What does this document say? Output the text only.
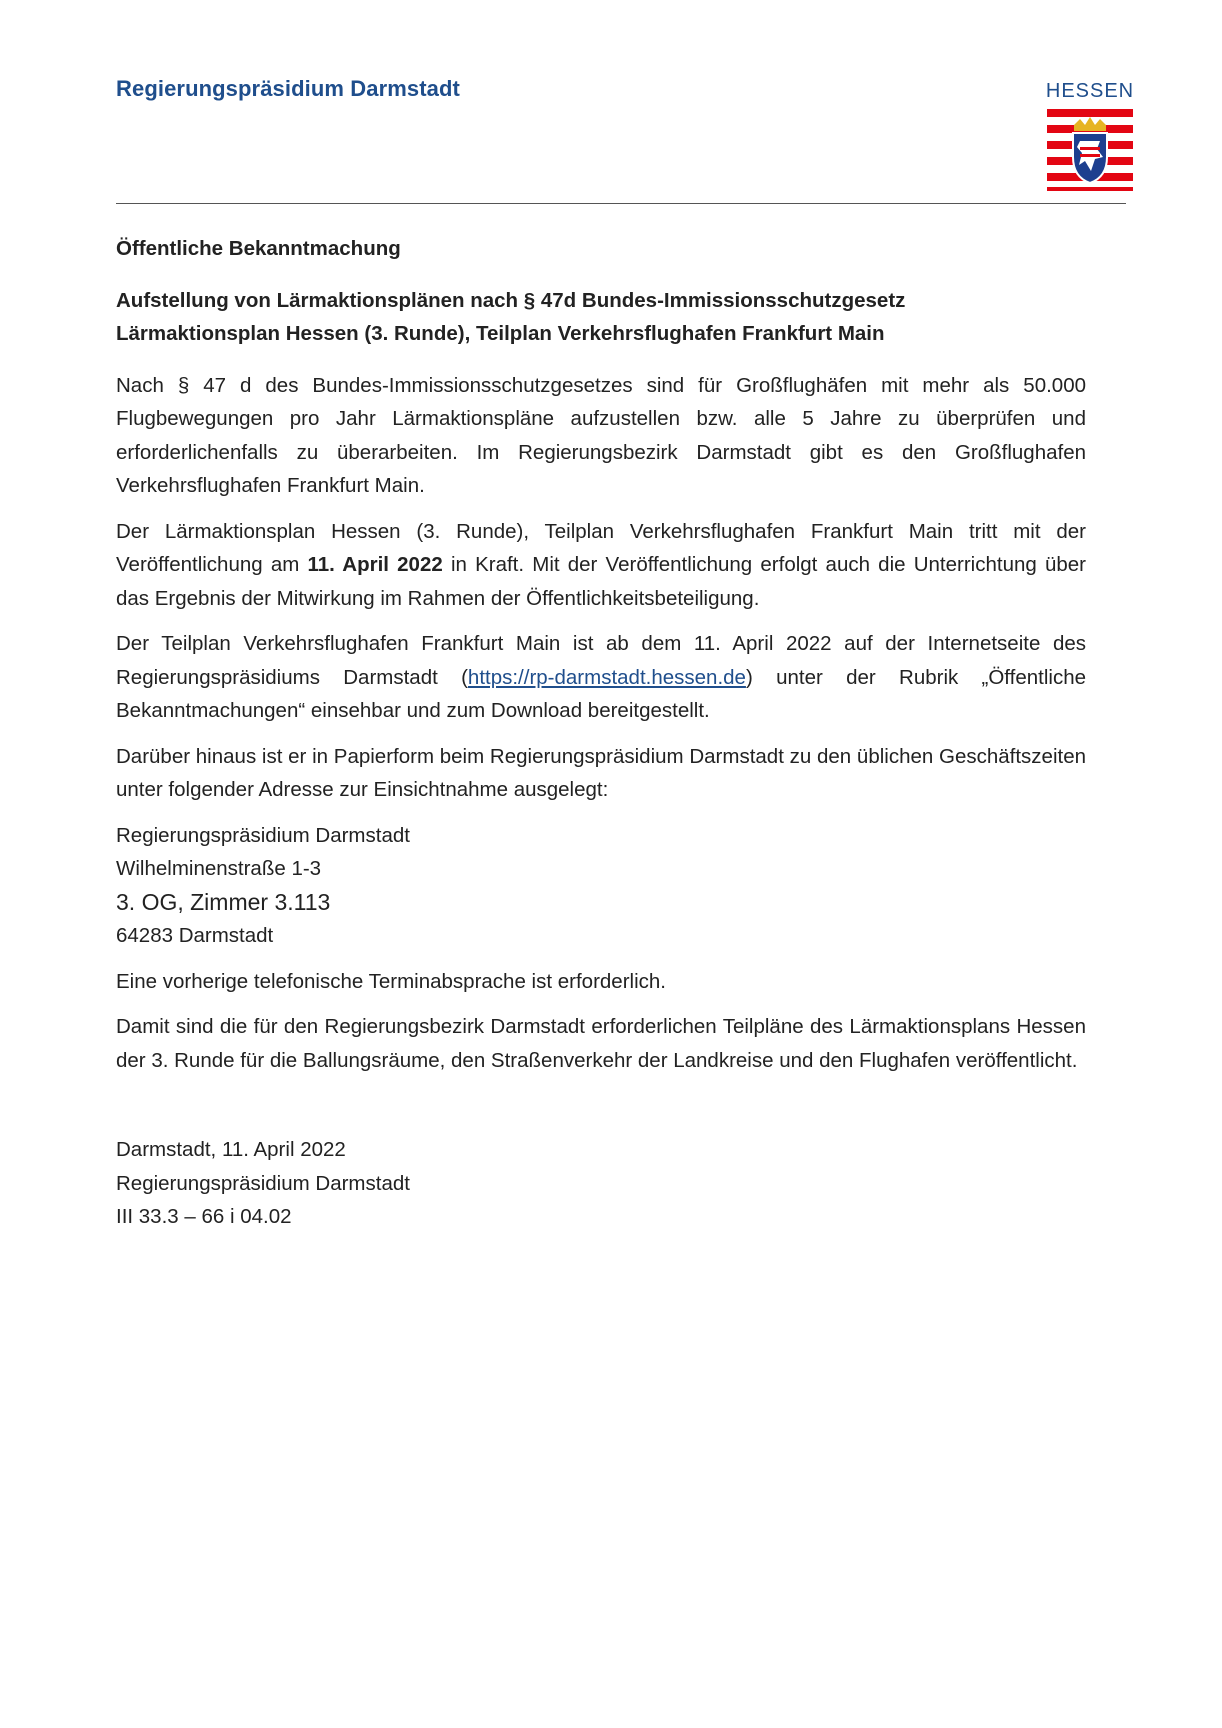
Regierungspräsidium Darmstadt	HESSEN
Öffentliche Bekanntmachung
Aufstellung von Lärmaktionsplänen nach § 47d Bundes-Immissionsschutzgesetz
Lärmaktionsplan Hessen (3. Runde), Teilplan Verkehrsflughafen Frankfurt Main

Nach § 47 d des Bundes-Immissionsschutzgesetzes sind für Großflughäfen mit mehr als 50.000 Flugbewegungen pro Jahr Lärmaktionspläne aufzustellen bzw. alle 5 Jahre zu überprüfen und erforderlichenfalls zu überarbeiten. Im Regierungsbezirk Darmstadt gibt es den Großflughafen Verkehrsflughafen Frankfurt Main.

Der Lärmaktionsplan Hessen (3. Runde), Teilplan Verkehrsflughafen Frankfurt Main tritt mit der Veröffentlichung am 11. April 2022 in Kraft. Mit der Veröffentlichung erfolgt auch die Unterrichtung über das Ergebnis der Mitwirkung im Rahmen der Öffentlichkeitsbeteiligung.

Der Teilplan Verkehrsflughafen Frankfurt Main ist ab dem 11. April 2022 auf der Internetseite des Regierungspräsidiums Darmstadt (https://rp-darmstadt.hessen.de) unter der Rubrik „Öffentliche Bekanntmachungen“ einsehbar und zum Download bereitgestellt.

Darüber hinaus ist er in Papierform beim Regierungspräsidium Darmstadt zu den üblichen Geschäftszeiten unter folgender Adresse zur Einsichtnahme ausgelegt:

Regierungspräsidium Darmstadt
Wilhelminenstraße 1-3
3. OG, Zimmer 3.113
64283 Darmstadt

Eine vorherige telefonische Terminabsprache ist erforderlich.

Damit sind die für den Regierungsbezirk Darmstadt erforderlichen Teilpläne des Lärmaktionsplans Hessen der 3. Runde für die Ballungsräume, den Straßenverkehr der Landkreise und den Flughafen veröffentlicht.

Darmstadt, 11. April 2022
Regierungspräsidium Darmstadt
III 33.3 – 66 i 04.02
